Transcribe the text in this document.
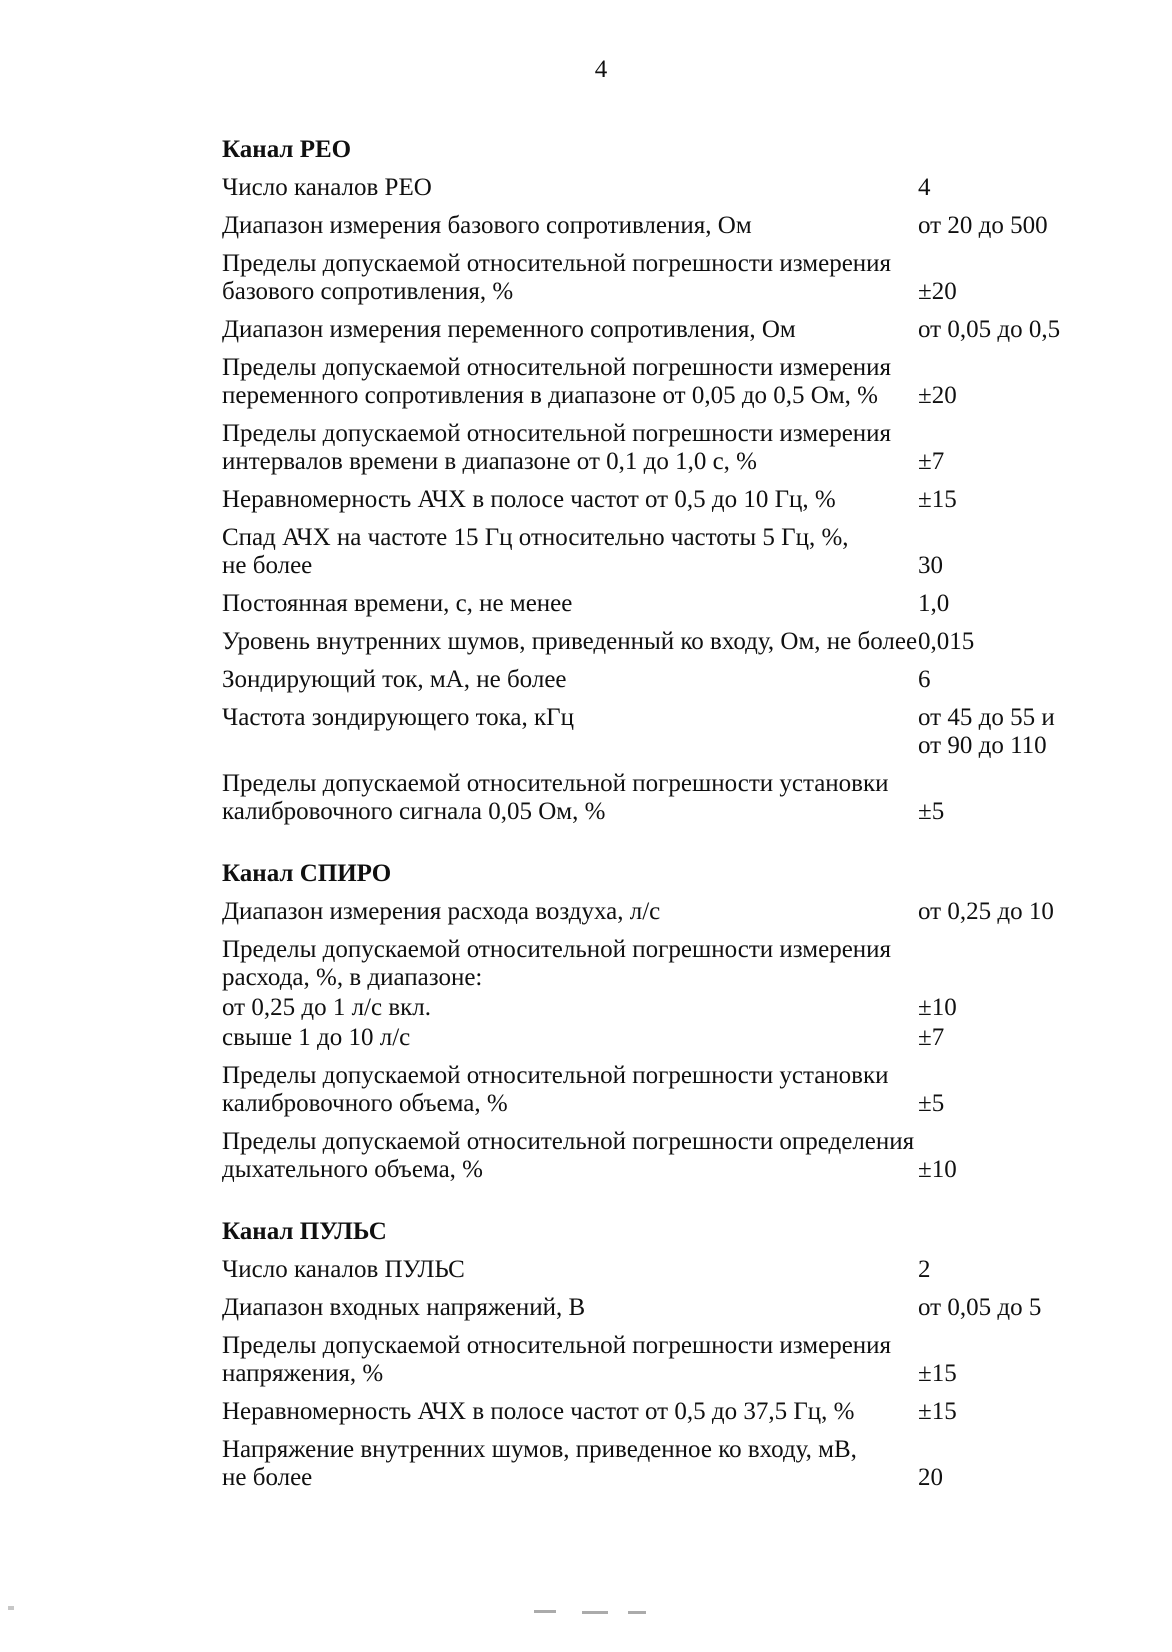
4
Канал РЕО
Число каналов РЕО	4
Диапазон измерения базового сопротивления, Ом	от 20 до 500
Пределы допускаемой относительной погрешности измерения
базового сопротивления, %	±20
Диапазон измерения переменного сопротивления, Ом	от 0,05 до 0,5
Пределы допускаемой относительной погрешности измерения
переменного сопротивления в диапазоне от 0,05 до 0,5 Ом, %	±20
Пределы допускаемой относительной погрешности измерения
интервалов времени в диапазоне от 0,1 до 1,0 с, %	±7
Неравномерность АЧХ в полосе частот от 0,5 до 10 Гц, %	±15
Спад АЧХ на частоте 15 Гц относительно частоты 5 Гц, %,
не более	30
Постоянная времени, с, не менее	1,0
Уровень внутренних шумов, приведенный ко входу, Ом, не более 0,015
Зондирующий ток, мА, не более	6
Частота зондирующего тока, кГц	от 45 до 55 и
от 90 до 110
Пределы допускаемой относительной погрешности установки
калибровочного сигнала 0,05 Ом, %	±5
Канал СПИРО
Диапазон измерения расхода воздуха, л/с	от 0,25 до 10
Пределы допускаемой относительной погрешности измерения
расхода, %, в диапазоне:
от 0,25 до 1 л/с вкл.	±10
свыше 1 до 10 л/с	±7
Пределы допускаемой относительной погрешности установки
калибровочного объема, %	±5
Пределы допускаемой относительной погрешности определения
дыхательного объема, %	±10
Канал ПУЛЬС
Число каналов ПУЛЬС	2
Диапазон входных напряжений, В	от 0,05 до 5
Пределы допускаемой относительной погрешности измерения
напряжения, %	±15
Неравномерность АЧХ в полосе частот от 0,5 до 37,5 Гц, %	±15
Напряжение внутренних шумов, приведенное ко входу, мВ,
не более	20
